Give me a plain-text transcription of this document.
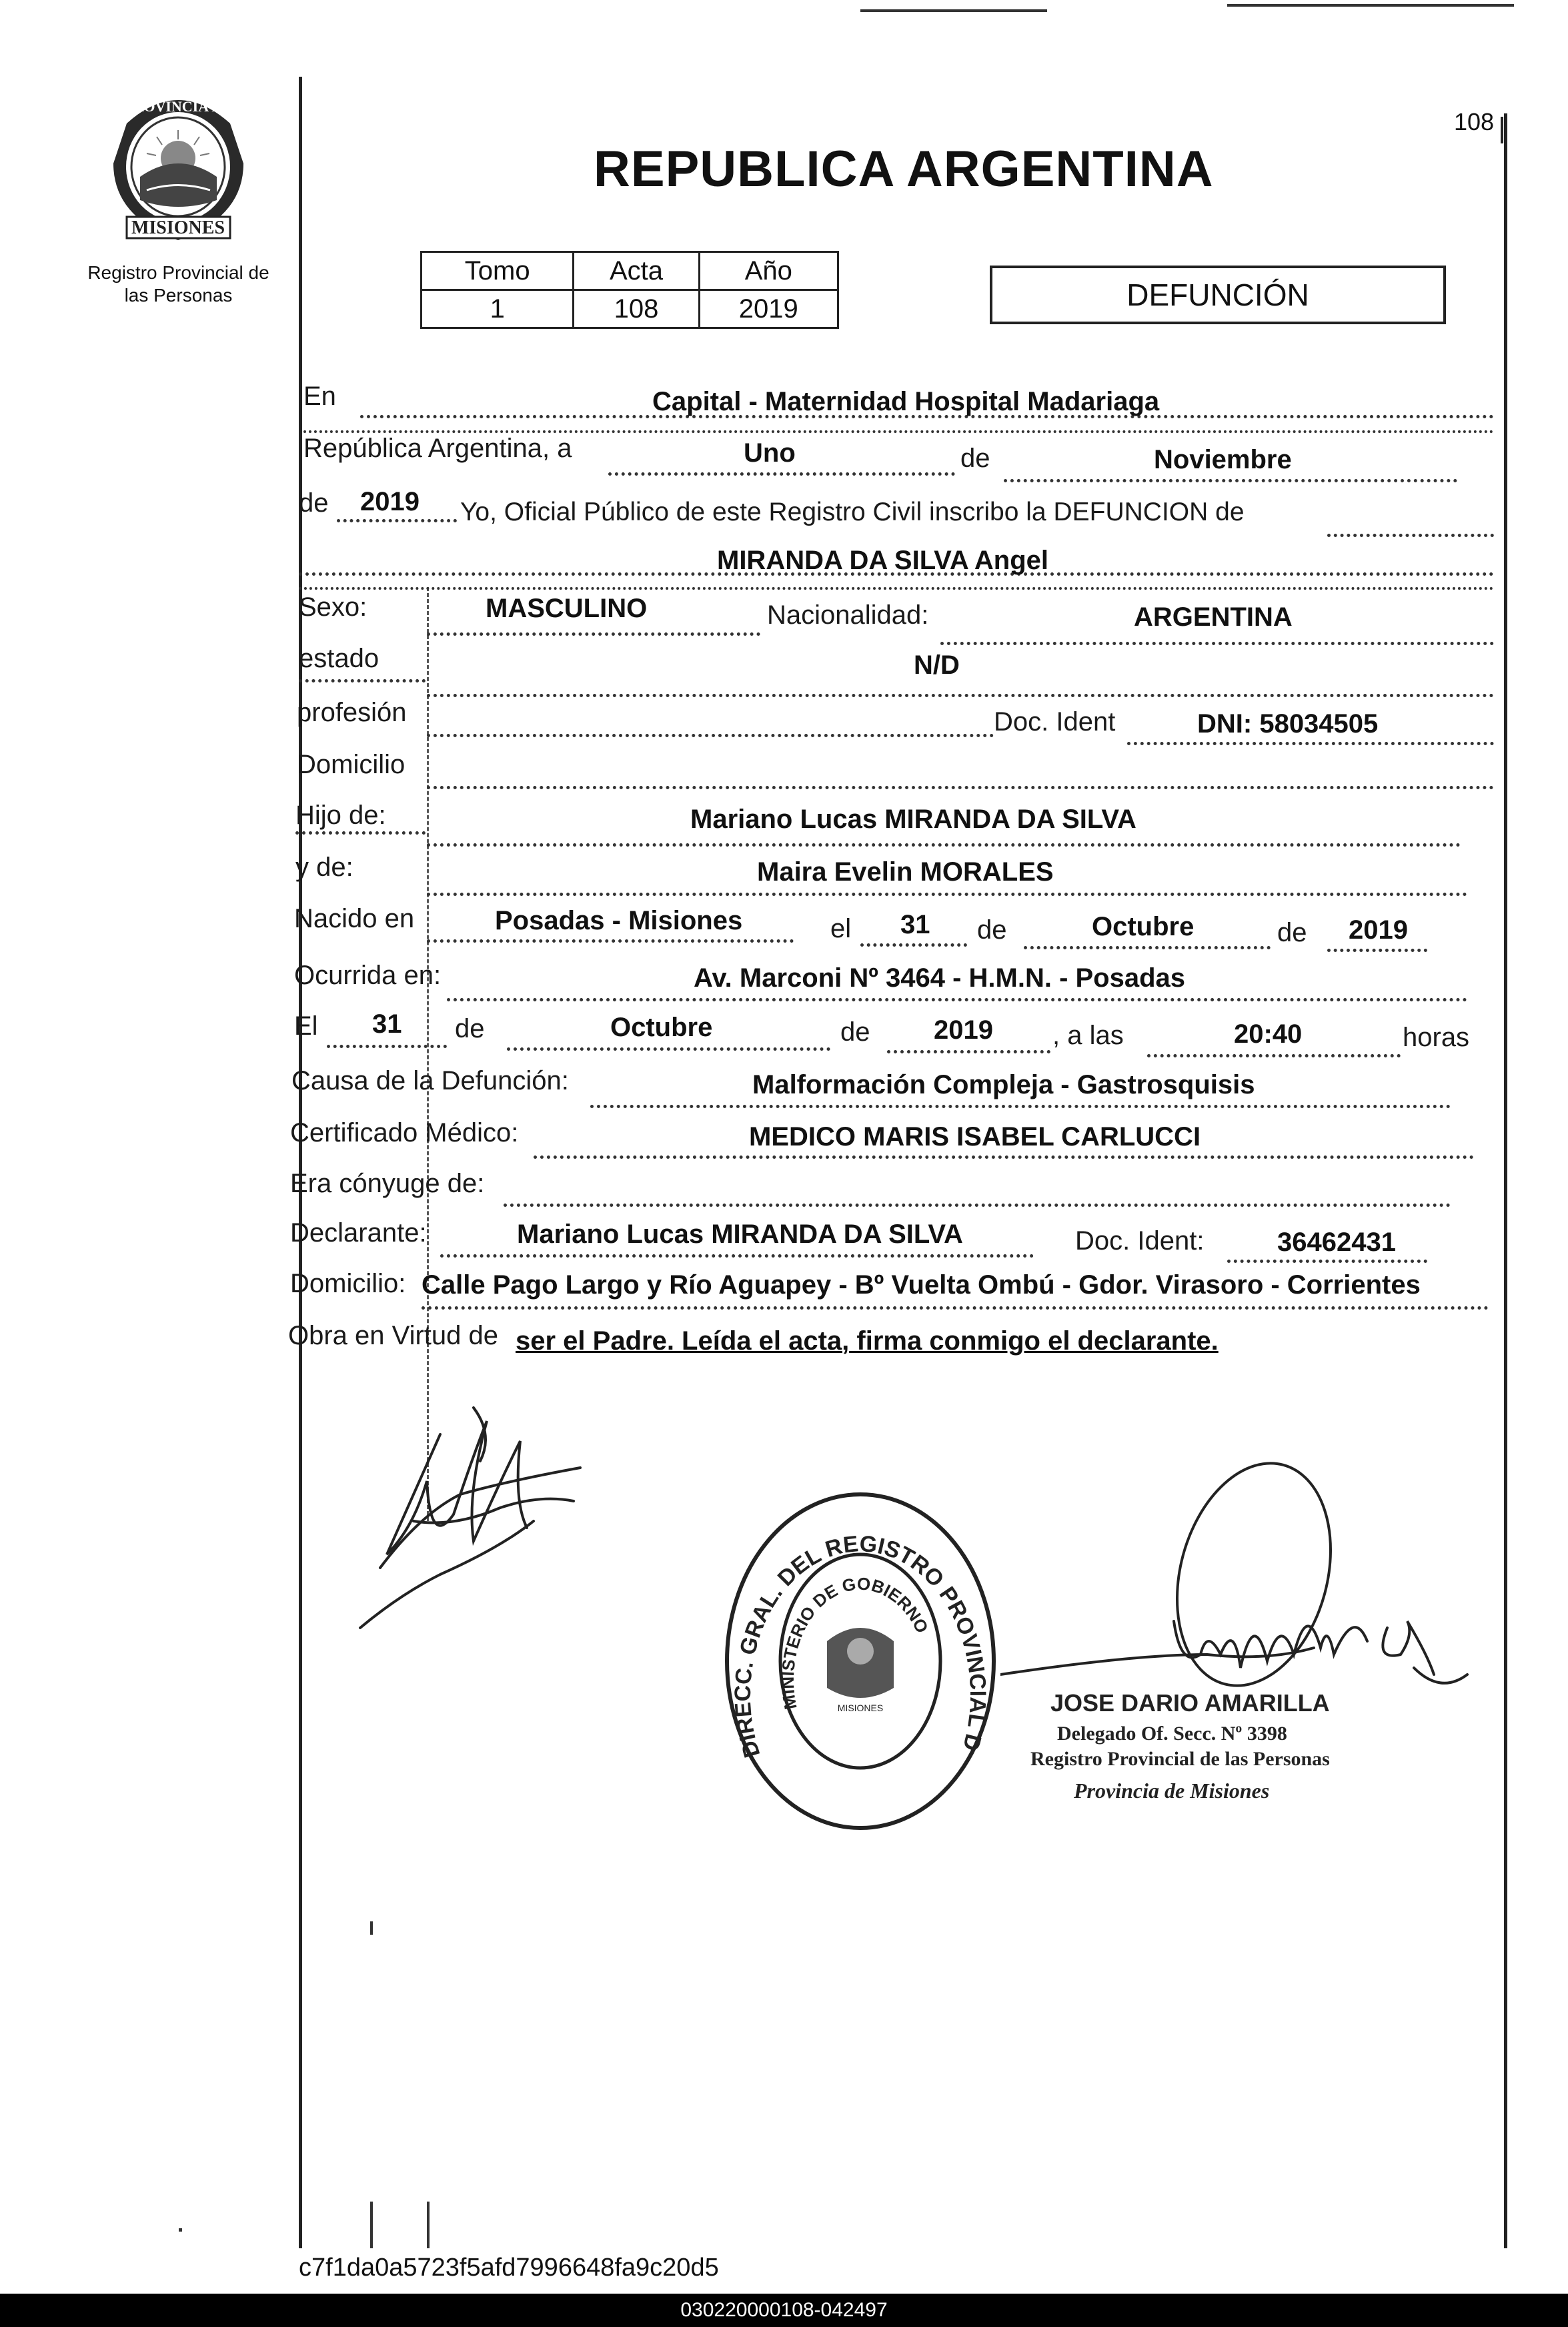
PROVINCIA DE
MISIONES
Registro Provincial de
las Personas
108
REPUBLICA ARGENTINA
Tomo	Acta	Año
1	108	2019	DEFUNCIÓN
En	Capital - Maternidad Hospital Madariaga
República Argentina, a	Uno	de	Noviembre
de 2019 Yo, Oficial Público de este Registro Civil inscribo la DEFUNCION de
MIRANDA DA SILVA Angel
Sexo:	MASCULINO	Nacionalidad:	ARGENTINA
estado	N/D
profesión	Doc. Ident	DNI: 58034505
Domicilio
Hijo de:	Mariano Lucas MIRANDA DA SILVA
y de:	Maira Evelin MORALES
Nacido en	Posadas - Misiones	el 31 de	Octubre	de 2019
Ocurrida en:	Av. Marconi Nº 3464 - H.M.N. - Posadas
El 31 de	Octubre	de 2019 , a las	20:40	horas
Causa de la Defunción:	Malformación Compleja - Gastrosquisis
Certificado Médico:	MEDICO MARIS ISABEL CARLUCCI
Era cónyuge de:
Declarante:	Mariano Lucas MIRANDA DA SILVA	Doc. Ident:	36462431
Domicilio: Calle Pago Largo y Río Aguapey - Bº Vuelta Ombú - Gdor. Virasoro - Corrientes
Obra en Virtud de ser el Padre. Leída el acta, firma conmigo el declarante.
DIRECC. GRAL. DEL REGISTRO PROVINCIAL D
MINISTERIO DE GOBIERNO
MISIONES	JOSE DARIO AMARILLA
Delegado Of. Secc. Nº 3398
Registro Provincial de las Personas
Provincia de Misiones
c7f1da0a5723f5afd7996648fa9c20d5
030220000108-042497
